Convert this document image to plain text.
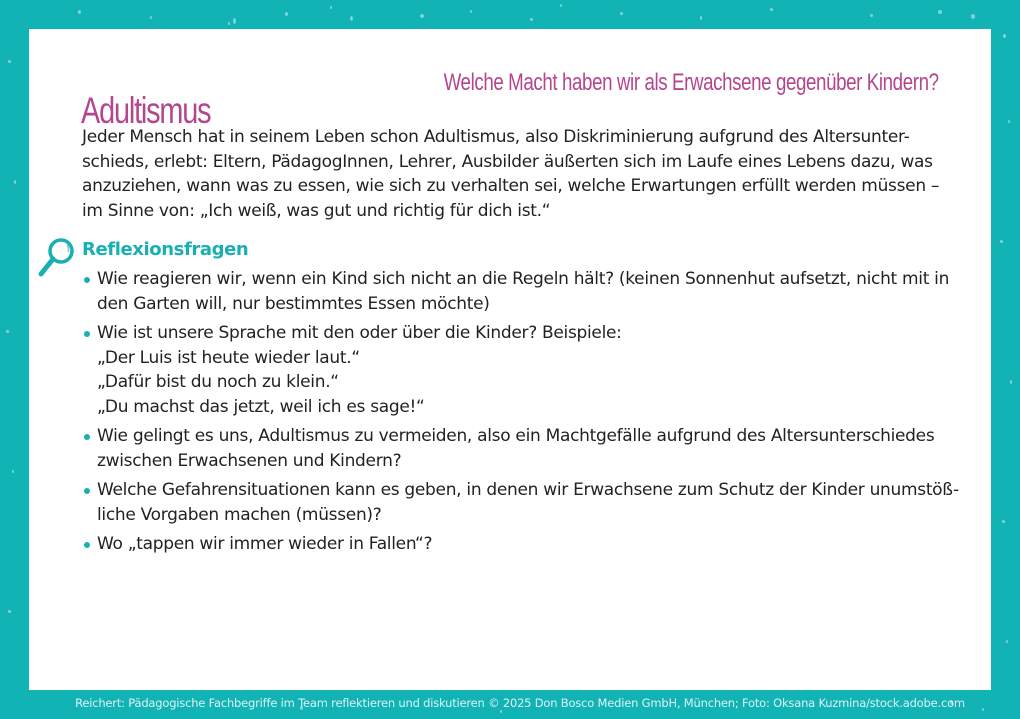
Adultismus
Welche Macht haben wir als Erwachsene gegenüber Kindern?
Jeder Mensch hat in seinem Leben schon Adultismus, also Diskriminierung aufgrund des Altersunter-
schieds, erlebt: Eltern, PädagogInnen, Lehrer, Ausbilder äußerten sich im Laufe eines Lebens dazu, was
anzuziehen, wann was zu essen, wie sich zu verhalten sei, welche Erwartungen erfüllt werden müssen –
im Sinne von: „Ich weiß, was gut und richtig für dich ist.“
Reflexionsfragen
Wie reagieren wir, wenn ein Kind sich nicht an die Regeln hält? (keinen Sonnenhut aufsetzt, nicht mit in
den Garten will, nur bestimmtes Essen möchte)
Wie ist unsere Sprache mit den oder über die Kinder? Beispiele:
„Der Luis ist heute wieder laut.“
„Dafür bist du noch zu klein.“
„Du machst das jetzt, weil ich es sage!“
Wie gelingt es uns, Adultismus zu vermeiden, also ein Machtgefälle aufgrund des Altersunterschiedes
zwischen Erwachsenen und Kindern?
Welche Gefahrensituationen kann es geben, in denen wir Erwachsene zum Schutz der Kinder unumstöß-
liche Vorgaben machen (müssen)?
Wo „tappen wir immer wieder in Fallen“?
Reichert: Pädagogische Fachbegriffe im Team reflektieren und diskutieren © 2025 Don Bosco Medien GmbH, München; Foto: Oksana Kuzmina/stock.adobe.com
